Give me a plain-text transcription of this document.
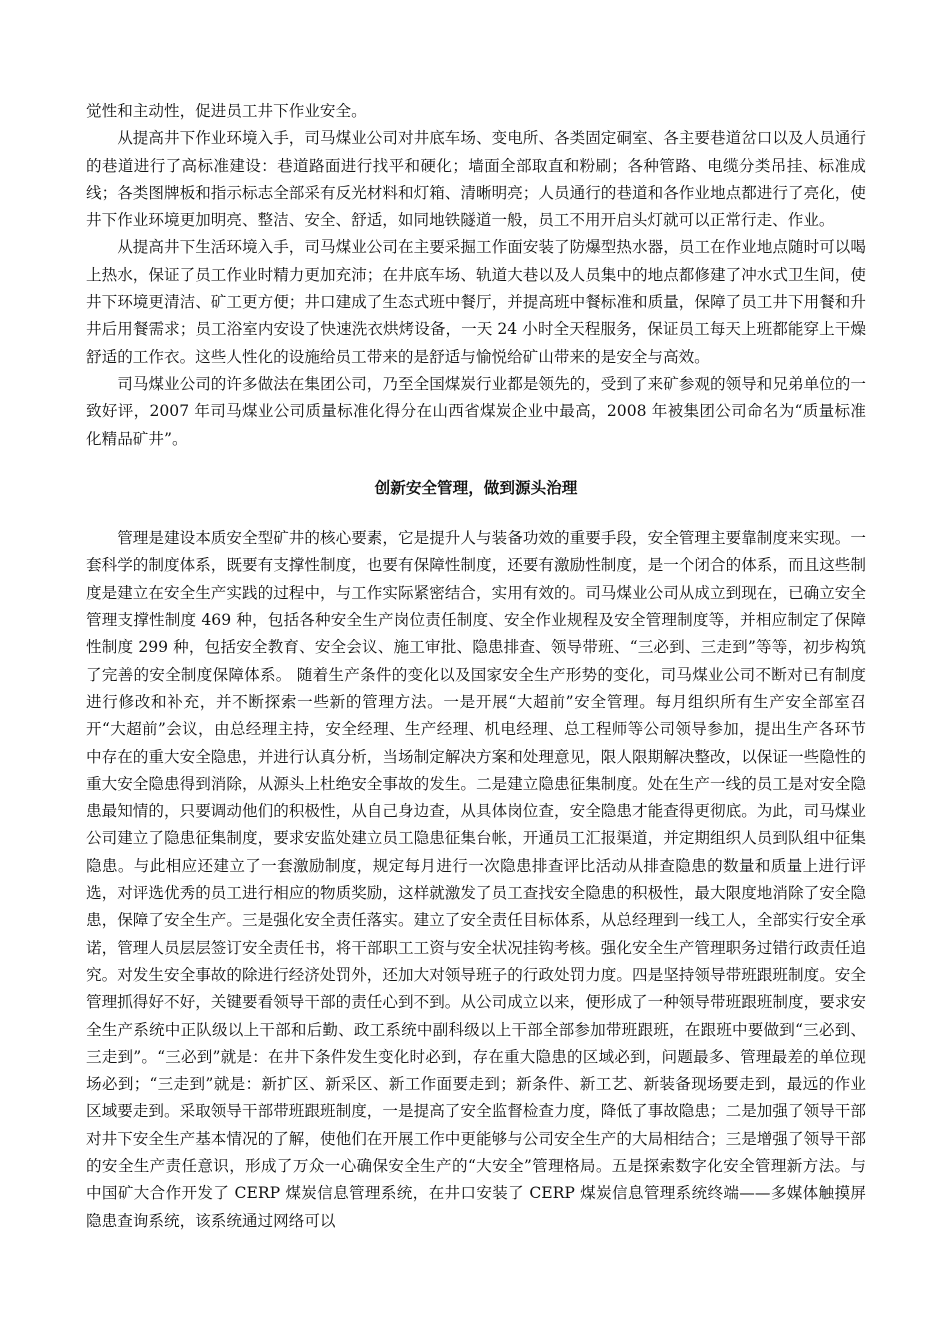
觉性和主动性，促进员工井下作业安全。

从提高井下作业环境入手，司马煤业公司对井底车场、变电所、各类固定硐室、各主要巷道岔口以及人员通行的巷道进行了高标准建设：巷道路面进行找平和硬化；墙面全部取直和粉刷；各种管路、电缆分类吊挂、标准成线；各类图牌板和指示标志全部采有反光材料和灯箱、清晰明亮；人员通行的巷道和各作业地点都进行了亮化，使井下作业环境更加明亮、整洁、安全、舒适，如同地铁隧道一般，员工不用开启头灯就可以正常行走、作业。

从提高井下生活环境入手，司马煤业公司在主要采掘工作面安装了防爆型热水器，员工在作业地点随时可以喝上热水，保证了员工作业时精力更加充沛；在井底车场、轨道大巷以及人员集中的地点都修建了冲水式卫生间，使井下环境更清洁、矿工更方便；井口建成了生态式班中餐厅，并提高班中餐标准和质量，保障了员工井下用餐和升井后用餐需求；员工浴室内安设了快速洗衣烘烤设备，一天 24 小时全天程服务，保证员工每天上班都能穿上干燥舒适的工作衣。这些人性化的设施给员工带来的是舒适与愉悦给矿山带来的是安全与高效。

司马煤业公司的许多做法在集团公司，乃至全国煤炭行业都是领先的，受到了来矿参观的领导和兄弟单位的一致好评，2007 年司马煤业公司质量标准化得分在山西省煤炭企业中最高，2008 年被集团公司命名为“质量标准化精品矿井”。

创新安全管理，做到源头治理

管理是建设本质安全型矿井的核心要素，它是提升人与装备功效的重要手段，安全管理主要靠制度来实现。一套科学的制度体系，既要有支撑性制度，也要有保障性制度，还要有激励性制度，是一个闭合的体系，而且这些制度是建立在安全生产实践的过程中，与工作实际紧密结合，实用有效的。司马煤业公司从成立到现在，已确立安全管理支撑性制度 469 种，包括各种安全生产岗位责任制度、安全作业规程及安全管理制度等，并相应制定了保障性制度 299 种，包括安全教育、安全会议、施工审批、隐患排查、领导带班、“三必到、三走到”等等，初步构筑了完善的安全制度保障体系。 随着生产条件的变化以及国家安全生产形势的变化，司马煤业公司不断对已有制度进行修改和补充，并不断探索一些新的管理方法。一是开展“大超前”安全管理。每月组织所有生产安全部室召开“大超前”会议，由总经理主持，安全经理、生产经理、机电经理、总工程师等公司领导参加，提出生产各环节中存在的重大安全隐患，并进行认真分析，当场制定解决方案和处理意见，限人限期解决整改，以保证一些隐性的重大安全隐患得到消除，从源头上杜绝安全事故的发生。二是建立隐患征集制度。处在生产一线的员工是对安全隐患最知情的，只要调动他们的积极性，从自己身边查，从具体岗位查，安全隐患才能查得更彻底。为此，司马煤业公司建立了隐患征集制度，要求安监处建立员工隐患征集台帐，开通员工汇报渠道，并定期组织人员到队组中征集隐患。与此相应还建立了一套激励制度，规定每月进行一次隐患排查评比活动从排查隐患的数量和质量上进行评选，对评选优秀的员工进行相应的物质奖励，这样就激发了员工查找安全隐患的积极性，最大限度地消除了安全隐患，保障了安全生产。三是强化安全责任落实。建立了安全责任目标体系，从总经理到一线工人，全部实行安全承诺，管理人员层层签订安全责任书，将干部职工工资与安全状况挂钩考核。强化安全生产管理职务过错行政责任追究。对发生安全事故的除进行经济处罚外，还加大对领导班子的行政处罚力度。四是坚持领导带班跟班制度。安全管理抓得好不好，关键要看领导干部的责任心到不到。从公司成立以来，便形成了一种领导带班跟班制度，要求安全生产系统中正队级以上干部和后勤、政工系统中副科级以上干部全部参加带班跟班，在跟班中要做到“三必到、三走到”。“三必到”就是：在井下条件发生变化时必到，存在重大隐患的区域必到，问题最多、管理最差的单位现场必到；“三走到”就是：新扩区、新采区、新工作面要走到；新条件、新工艺、新装备现场要走到，最远的作业区域要走到。采取领导干部带班跟班制度，一是提高了安全监督检查力度，降低了事故隐患；二是加强了领导干部对井下安全生产基本情况的了解，使他们在开展工作中更能够与公司安全生产的大局相结合；三是增强了领导干部的安全生产责任意识，形成了万众一心确保安全生产的“大安全”管理格局。五是探索数字化安全管理新方法。与中国矿大合作开发了 CERP 煤炭信息管理系统，在井口安装了 CERP 煤炭信息管理系统终端——多媒体触摸屏隐患查询系统，该系统通过网络可以
